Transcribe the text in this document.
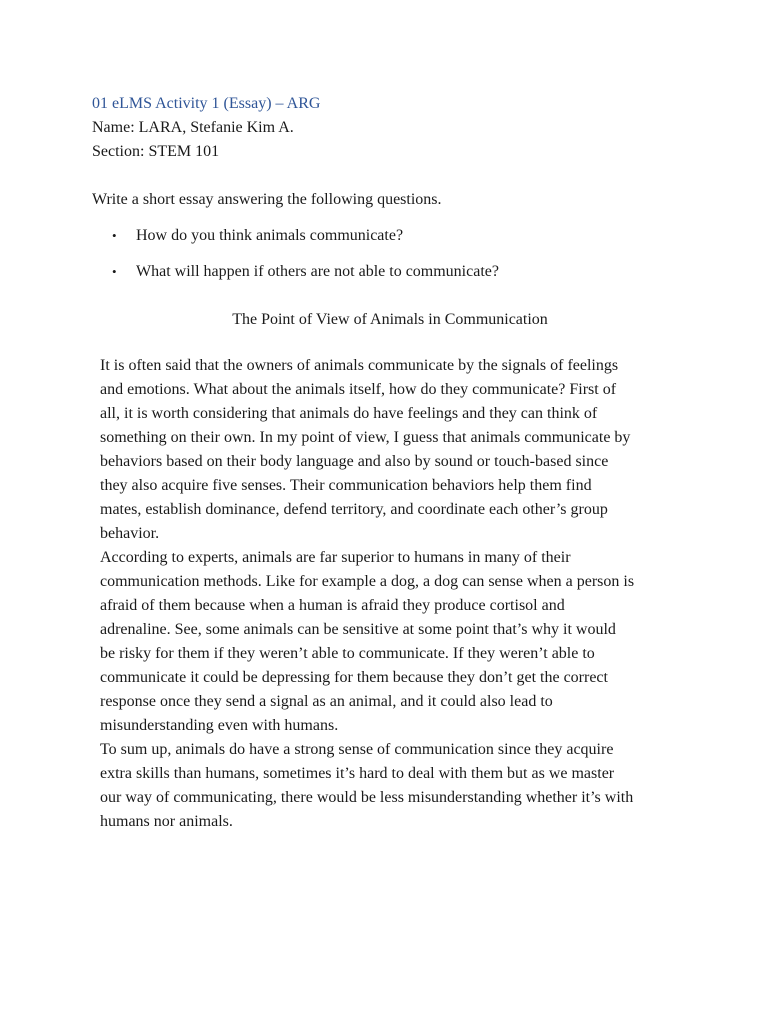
01 eLMS Activity 1 (Essay) – ARG

Name: LARA, Stefanie Kim A.

Section: STEM 101

Write a short essay answering the following questions.

• How do you think animals communicate?
• What will happen if others are not able to communicate?

The Point of View of Animals in Communication

It is often said that the owners of animals communicate by the signals of feelings
and emotions. What about the animals itself, how do they communicate? First of
all, it is worth considering that animals do have feelings and they can think of
something on their own. In my point of view, I guess that animals communicate by
behaviors based on their body language and also by sound or touch-based since
they also acquire five senses. Their communication behaviors help them find
mates, establish dominance, defend territory, and coordinate each other’s group
behavior.

According to experts, animals are far superior to humans in many of their
communication methods. Like for example a dog, a dog can sense when a person is
afraid of them because when a human is afraid they produce cortisol and
adrenaline. See, some animals can be sensitive at some point that’s why it would
be risky for them if they weren’t able to communicate. If they weren’t able to
communicate it could be depressing for them because they don’t get the correct
response once they send a signal as an animal, and it could also lead to
misunderstanding even with humans.

To sum up, animals do have a strong sense of communication since they acquire
extra skills than humans, sometimes it’s hard to deal with them but as we master
our way of communicating, there would be less misunderstanding whether it’s with
humans nor animals.
